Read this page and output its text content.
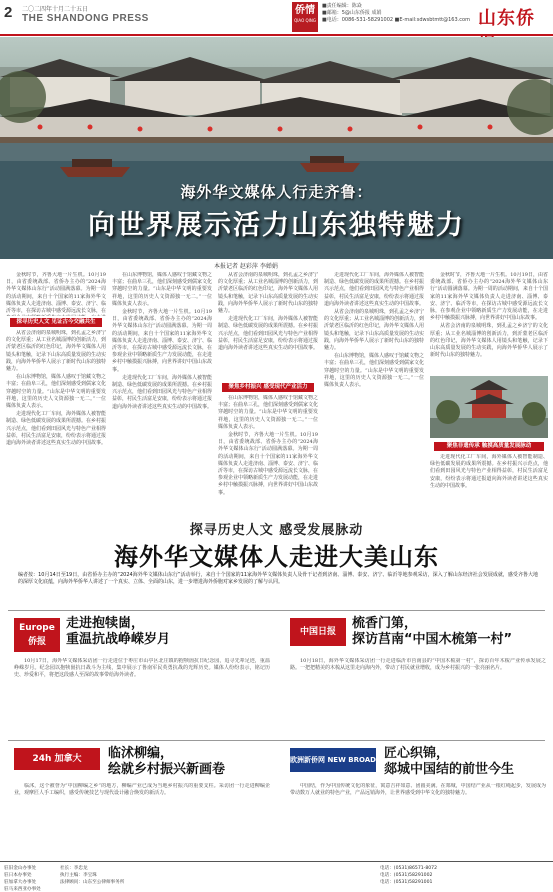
2 二〇二四年十月二十五日
THE SHANDONG PRESS
侨情
QIAO QING
■责任编辑：陈焱
■邮箱：5@山东侨报 成娟
■电话：0086-531-58291002 ■E-mail:sdwsbtmtt@163.com 山东侨
海外华文媒体人行走齐鲁：
向世界展示活力山东独特魅力
本报记者 赵彩萍 李婵娟

金秋时节，齐鲁大地一片生机。10月19日，由省委统战部、省侨办主办的“2024海外华文媒体山东行”活动圆满落幕。为期一周的活动期间，来自十个国家的11家海外华文媒体负责人走进济南、淄博、泰安、济宁、临沂等市，在探访古城中感受源远流长文脉，在

探寻历史人文 见证古今交融共生

从省会济南的泉城明珠，到孔孟之乡济宁的文化厚重；从工业名城淄博的创新活力，到沂蒙老区临沂的红色印记，海外华文媒体人用镜头和笔触，记录下山东高质量发展的生动实践，向海外华侨华人展示了新时代山东的独特魅力。

在山东博物馆，媒体人感叹于馆藏文物之丰富；在曲阜三孔，他们深刻感受到儒家文化穿越时空的力量。“山东是中华文明的重要发祥地，这里的历史人文资源独一无二。”一位媒体负责人表示。

走进现代化工厂车间，海外媒体人被智能制造、绿色低碳发展的成果所震撼。在乡村振兴示范点，他们看到田园风光与特色产业相得益彰，村民生活富足安康，纷纷表示将通过报道向海外读者讲述这些真实生动的中国故事。

在山东博物馆，媒体人感叹于馆藏文物之丰富；在曲阜三孔，他们深刻感受到儒家文化穿越时空的力量。“山东是中华文明的重要发祥地，这里的历史人文资源独一无二。”一位媒体负责人表示。

金秋时节，齐鲁大地一片生机。10月19日，由省委统战部、省侨办主办的“2024海外华文媒体山东行”活动圆满落幕。为期一周的活动期间，来自十个国家的11家海外华文媒体负责人走进济南、淄博、泰安、济宁、临沂等市，在探访古城中感受源远流长文脉，在参观企业中领略新质生产力发展动能，在走进乡村中触摸振兴脉搏，向世界讲好中国山东故事。

走进现代化工厂车间，海外媒体人被智能制造、绿色低碳发展的成果所震撼。在乡村振兴示范点，他们看到田园风光与特色产业相得益彰，村民生活富足安康，纷纷表示将通过报道向海外读者讲述这些真实生动的中国故事。

从省会济南的泉城明珠，到孔孟之乡济宁的文化厚重；从工业名城淄博的创新活力，到沂蒙老区临沂的红色印记，海外华文媒体人用镜头和笔触，记录下山东高质量发展的生动实践，向海外华侨华人展示了新时代山东的独特魅力。

走进现代化工厂车间，海外媒体人被智能制造、绿色低碳发展的成果所震撼。在乡村振兴示范点，他们看到田园风光与特色产业相得益彰，村民生活富足安康，纷纷表示将通过报道向海外读者讲述这些真实生动的中国故事。

聚焦乡村振兴 感受现代产业活力

在山东博物馆，媒体人感叹于馆藏文物之丰富；在曲阜三孔，他们深刻感受到儒家文化穿越时空的力量。“山东是中华文明的重要发祥地，这里的历史人文资源独一无二。”一位媒体负责人表示。

金秋时节，齐鲁大地一片生机。10月19日，由省委统战部、省侨办主办的“2024海外华文媒体山东行”活动圆满落幕。为期一周的活动期间，来自十个国家的11家海外华文媒体负责人走进济南、淄博、泰安、济宁、临沂等市，在探访古城中感受源远流长文脉，在参观企业中领略新质生产力发展动能，在走进乡村中触摸振兴脉搏，向世界讲好中国山东故事。

走进现代化工厂车间，海外媒体人被智能制造、绿色低碳发展的成果所震撼。在乡村振兴示范点，他们看到田园风光与特色产业相得益彰，村民生活富足安康，纷纷表示将通过报道向海外读者讲述这些真实生动的中国故事。

从省会济南的泉城明珠，到孔孟之乡济宁的文化厚重；从工业名城淄博的创新活力，到沂蒙老区临沂的红色印记，海外华文媒体人用镜头和笔触，记录下山东高质量发展的生动实践，向海外华侨华人展示了新时代山东的独特魅力。

在山东博物馆，媒体人感叹于馆藏文物之丰富；在曲阜三孔，他们深刻感受到儒家文化穿越时空的力量。“山东是中华文明的重要发祥地，这里的历史人文资源独一无二。”一位媒体负责人表示。

金秋时节，齐鲁大地一片生机。10月19日，由省委统战部、省侨办主办的“2024海外华文媒体山东行”活动圆满落幕。为期一周的活动期间，来自十个国家的11家海外华文媒体负责人走进济南、淄博、泰安、济宁、临沂等市，在探访古城中感受源远流长文脉，在参观企业中领略新质生产力发展动能，在走进乡村中触摸振兴脉搏，向世界讲好中国山东故事。

从省会济南的泉城明珠，到孔孟之乡济宁的文化厚重；从工业名城淄博的创新活力，到沂蒙老区临沂的红色印记，海外华文媒体人用镜头和笔触，记录下山东高质量发展的生动实践，向海外华侨华人展示了新时代山东的独特魅力。

聚焦非遗传承 触摸高质量发展脉动

走进现代化工厂车间，海外媒体人被智能制造、绿色低碳发展的成果所震撼。在乡村振兴示范点，他们看到田园风光与特色产业相得益彰，村民生活富足安康，纷纷表示将通过报道向海外读者讲述这些真实生动的中国故事。

探寻历史人文 感受发展脉动
海外华文媒体人走进大美山东
编者按：10月14日至19日，由省侨办主办的“2024海外华文媒体山东行”活动举行，来自十个国家的11家海外华文媒体负责人及骨干记者到济南、淄博、泰安、济宁、临沂等地参观采访，深入了解山东经济社会发展成就，感受齐鲁大地的深厚文化底蕴，向海外华侨华人讲述了一个真实、立体、全面的山东，进一步增进海外侨胞对家乡发展的了解与认同。
Europe 侨报
走进抱犊崮，
重温抗战峥嵘岁月

10月17日，海外华文媒体采访团一行走进位于枣庄市山亭区北庄镇的抱犊崮抗日纪念园，追寻先辈足迹，重温峥嵘岁月。纪念园以抱犊崮抗日战斗为主线，集中展示了鲁南军民英勇抗战的光辉历史。媒体人纷纷表示，铭记历史、珍爱和平，将把这段感人至深的故事带给海外读者。

中国日报
梳香门第，
探访莒南“中国木梳第一村”

10月18日，海外华文媒体采访团一行走进临沂市莒南县的“中国木梳第一村”，探访百年木梳产业传承发展之路。一把把精美的木梳从这里走向海内外，带动了村民就业增收，成为乡村振兴的一张亮丽名片。

24h 加拿大	临沭柳编，
绘就乡村振兴新画卷

临沭，这个被誉为“中国柳编之乡”的地方，柳编产业已成为当地乡村振兴的重要支柱。采访团一行走进柳编企业，观摩匠人手工编织，感受传统技艺与现代设计融合焕发的新活力。

欧洲新侨网 NEW BROAD 匠心织锦，
郯城中国结的前世今生

中国结，作为中国传统文化的象征，寓意吉祥如意、团圆美满。在郯城，中国结产业从一根红绳起步，发展成为带动数万人就业的特色产业，产品远销海外，让世界感受到中华文化的独特魅力。

驻旧金山办事处
驻日本办事处
驻加拿大办事处
驻马来西亚办事处
社长：李忠龙
执行主编：李宝珠
法律顾问：山东至公律师事务所
电话：(0531)86571-8072
电话：(0531)58291002
电话：(0531)58291001
